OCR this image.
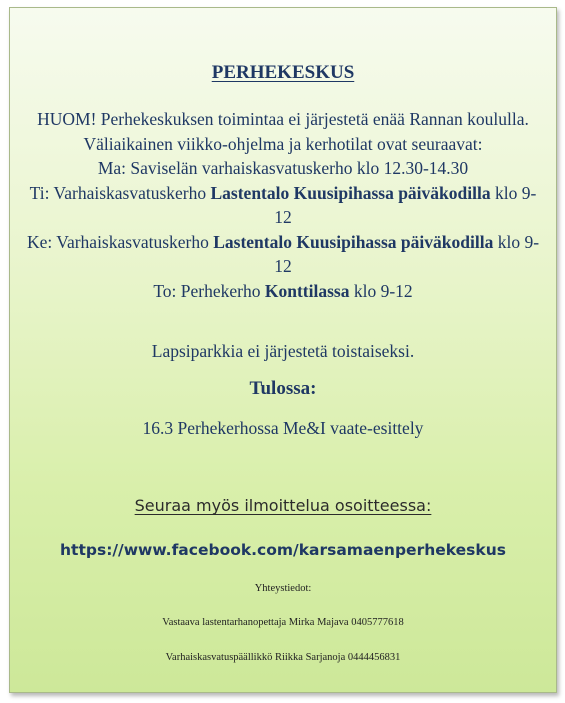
PERHEKESKUS

HUOM! Perhekeskuksen toimintaa ei järjestetä enää Rannan koululla. Väliaikainen viikko-ohjelma ja kerhotilat ovat seuraavat:

Ma: Saviselän varhaiskasvatuskerho klo 12.30-14.30

Ti: Varhaiskasvatuskerho Lastentalo Kuusipihassa päiväkodilla klo 9-12

Ke: Varhaiskasvatuskerho Lastentalo Kuusipihassa päiväkodilla klo 9-12

To: Perhekerho Konttilassa klo 9-12

Lapsiparkkia ei järjestetä toistaiseksi.
Tulossa:
16.3 Perhekerhossa Me&I vaate-esittely
Seuraa myös ilmoittelua osoitteessa:
https://www.facebook.com/karsamaenperhekeskus
Yhteystiedot:
Vastaava lastentarhanopettaja Mirka Majava 0405777618
Varhaiskasvatuspäällikkö Riikka Sarjanoja 0444456831
